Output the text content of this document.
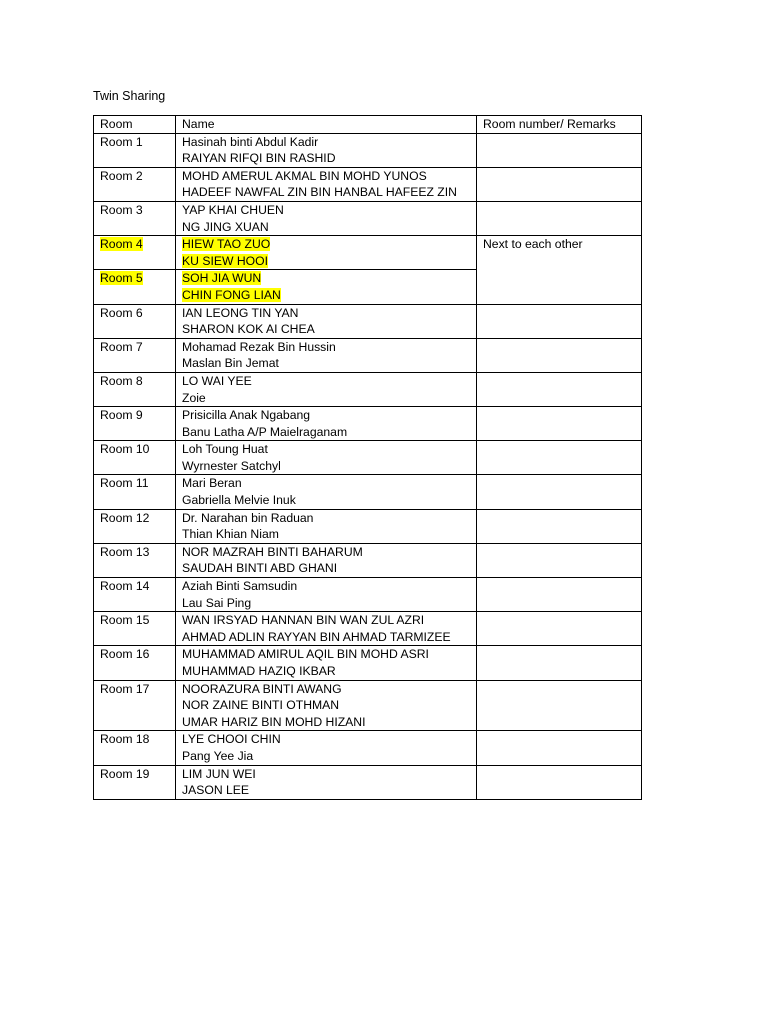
Twin Sharing
Room	Name	Room number/ Remarks
Room 1	Hasinah binti Abdul Kadir
RAIYAN RIFQI BIN RASHID	

Room 2	MOHD AMERUL AKMAL BIN MOHD YUNOS
HADEEF NAWFAL ZIN BIN HANBAL HAFEEZ ZIN	

Room 3	YAP KHAI CHUEN
NG JING XUAN	

Room 4	HIEW TAO ZUO
KU SIEW HOOI	Next to each other
Room 5	SOH JIA WUN
CHIN FONG LIAN	

Room 6	IAN LEONG TIN YAN
SHARON KOK AI CHEA	

Room 7	Mohamad Rezak Bin Hussin
Maslan Bin Jemat	

Room 8	LO WAI YEE
Zoie	

Room 9	Prisicilla Anak Ngabang
Banu Latha A/P Maielraganam	

Room 10	Loh Toung Huat
Wyrnester Satchyl	

Room 11	Mari Beran
Gabriella Melvie Inuk	

Room 12	Dr. Narahan bin Raduan
Thian Khian Niam	

Room 13	NOR MAZRAH BINTI BAHARUM
SAUDAH BINTI ABD GHANI	

Room 14	Aziah Binti Samsudin
Lau Sai Ping	

Room 15	WAN IRSYAD HANNAN BIN WAN ZUL AZRI
AHMAD ADLIN RAYYAN BIN AHMAD TARMIZEE	

Room 16	MUHAMMAD AMIRUL AQIL BIN MOHD ASRI
MUHAMMAD HAZIQ IKBAR	

Room 17	NOORAZURA BINTI AWANG
NOR ZAINE BINTI OTHMAN
UMAR HARIZ BIN MOHD HIZANI	

Room 18	LYE CHOOI CHIN
Pang Yee Jia	

Room 19	LIM JUN WEI
JASON LEE	
